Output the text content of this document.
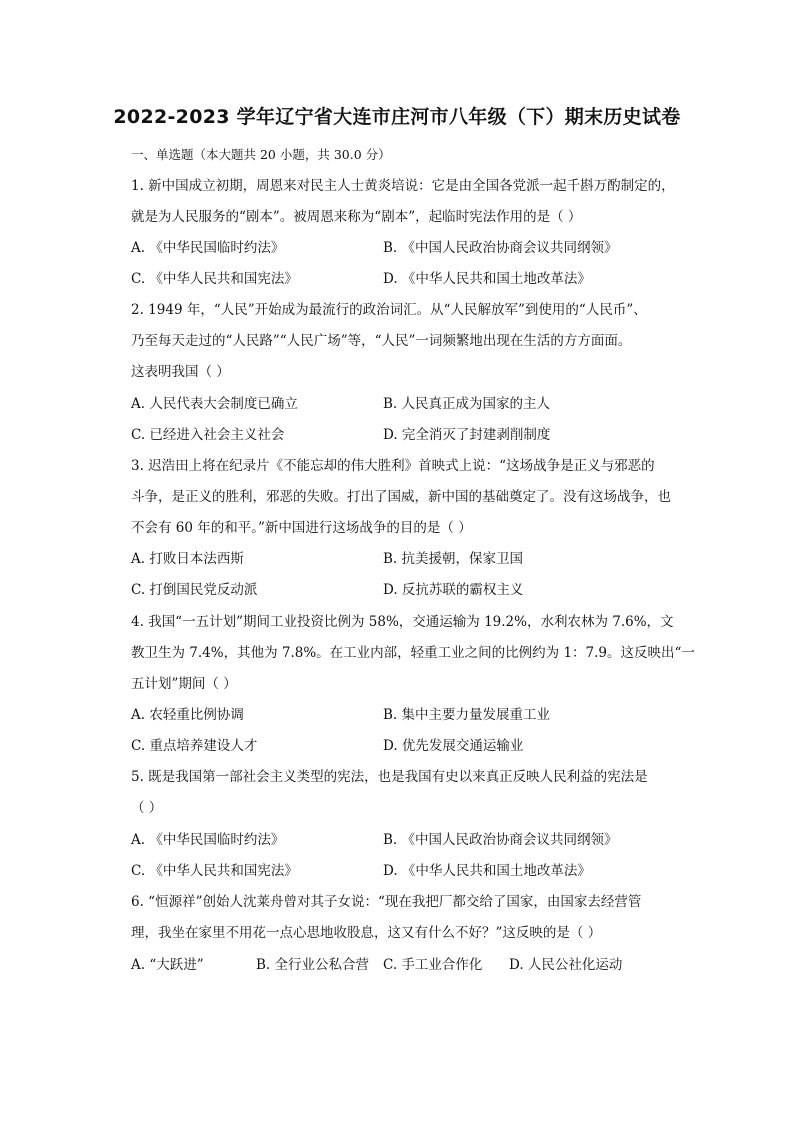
2022-2023 学年辽宁省大连市庄河市八年级（下）期末历史试卷
一、单选题（本大题共 20 小题，共 30.0 分）
1. 新中国成立初期，周恩来对民主人士黄炎培说：它是由全国各党派一起千斟万酌制定的，
就是为人民服务的“剧本”。被周恩来称为“剧本”，起临时宪法作用的是（ ）
A. 《中华民国临时约法》	B. 《中国人民政治协商会议共同纲领》
C. 《中华人民共和国宪法》	D. 《中华人民共和国土地改革法》
2. 1949 年，“人民”开始成为最流行的政治词汇。从“人民解放军”到使用的“人民币”、
乃至每天走过的“人民路”“人民广场”等，“人民”一词频繁地出现在生活的方方面面。
这表明我国（ ）
A. 人民代表大会制度已确立	B. 人民真正成为国家的主人
C. 已经进入社会主义社会	D. 完全消灭了封建剥削制度
3. 迟浩田上将在纪录片《不能忘却的伟大胜利》首映式上说：“这场战争是正义与邪恶的
斗争，是正义的胜利，邪恶的失败。打出了国威，新中国的基础奠定了。没有这场战争，也
不会有 60 年的和平。”新中国进行这场战争的目的是（ ）
A. 打败日本法西斯	B. 抗美援朝，保家卫国
C. 打倒国民党反动派	D. 反抗苏联的霸权主义
4. 我国“一五计划”期间工业投资比例为 58%，交通运输为 19.2%，水利农林为 7.6%，文
教卫生为 7.4%，其他为 7.8%。在工业内部，轻重工业之间的比例约为 1：7.9。这反映出“一
五计划”期间（ ）
A. 农轻重比例协调	B. 集中主要力量发展重工业
C. 重点培养建设人才	D. 优先发展交通运输业
5. 既是我国第一部社会主义类型的宪法，也是我国有史以来真正反映人民利益的宪法是
（ ）
A. 《中华民国临时约法》	B. 《中国人民政治协商会议共同纲领》
C. 《中华人民共和国宪法》	D. 《中华人民共和国土地改革法》
6. “恒源祥”创始人沈莱舟曾对其子女说：“现在我把厂都交给了国家，由国家去经营管
理，我坐在家里不用花一点心思地收股息，这又有什么不好？”这反映的是（ ）
A. “大跃进”	B. 全行业公私合营 C. 手工业合作化 D. 人民公社化运动
